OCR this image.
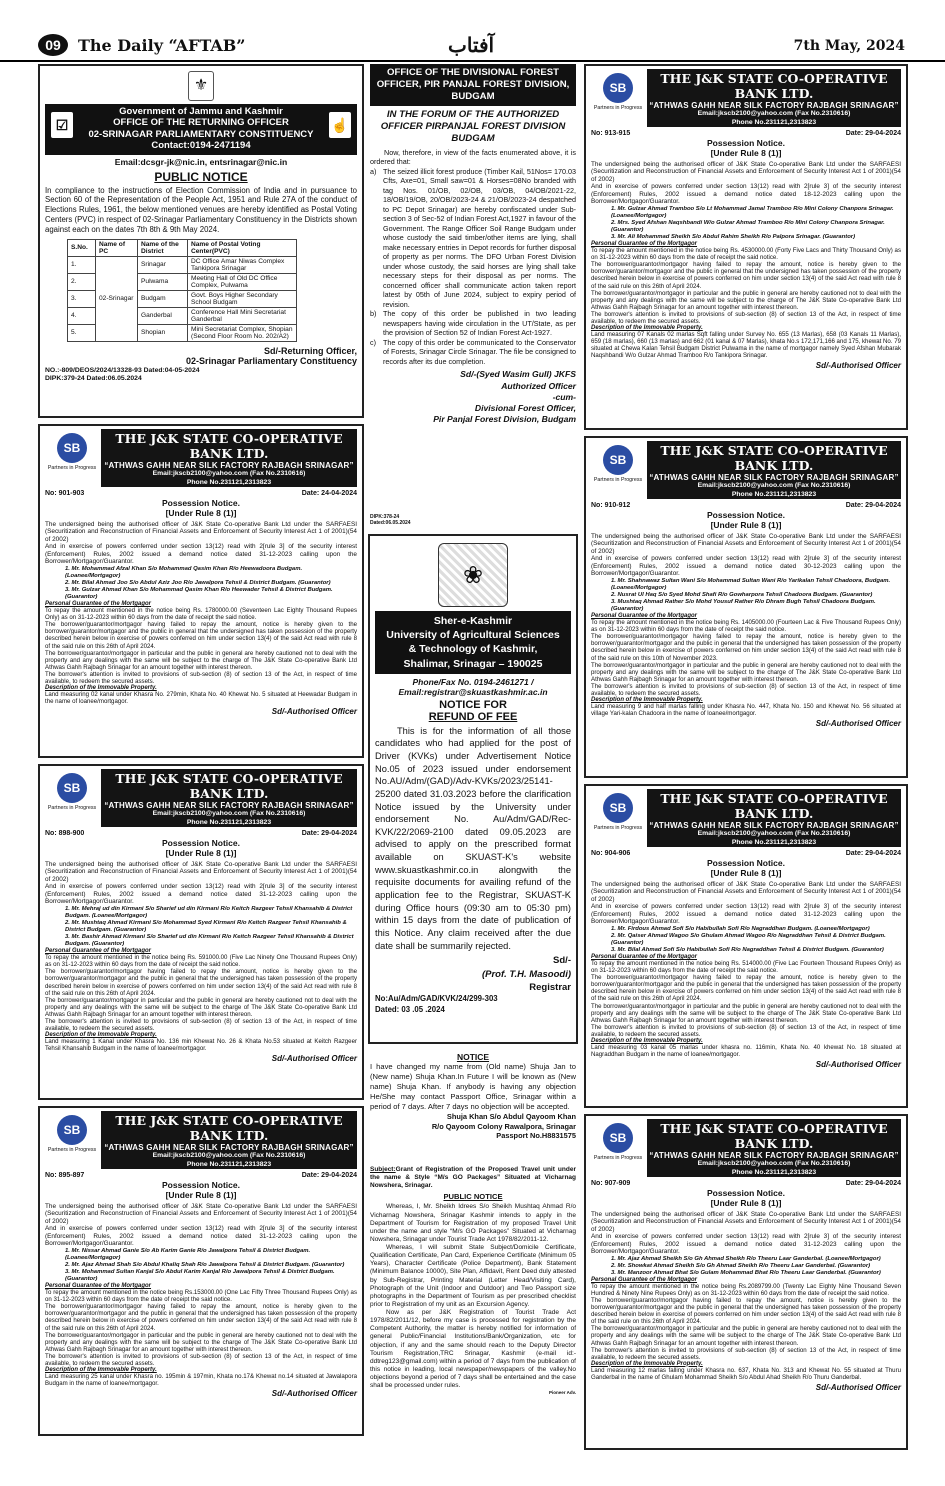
09	The Daily “AFTAB”	آفتاب	7th May, 2024
⚜
☑
Government of Jammu and Kashmir
OFFICE OF THE RETURNING OFFICER
02-SRINAGAR PARLIAMENTARY CONSTITUENCY
Contact:0194-2471194
☝
Email:dcsgr-jk@nic.in, entsrinagar@nic.in
PUBLIC NOTICE
In compliance to the instructions of Election Commission of India and in pursuance to Section 60 of the Representation of the People Act, 1951 and Rule 27A of the conduct of Elections Rules, 1961, the below mentioned venues are hereby identified as Postal Voting Centers (PVC) in respect of 02-Srinagar Parliamentary Constituency in the Districts shown against each on the dates 7th 8th & 9th May 2024.
S.No.	Name of PC	Name of the District	Name of Postal Voting Center(PVC)
1.	02-Srinagar	Srinagar	DC Office Amar Niwas Complex Tankipora Srinagar
2.		Pulwama	Meeting Hall of Old DC Office Complex, Pulwama
3.		Budgam	Govt. Boys Higher Secondary School Budgam
4.		Ganderbal	Conference Hall Mini Secretariat Ganderbal
5.		Shopian	Mini Secretariat Complex, Shopian (Second Floor Room No. 202/A2)
Sd/-Returning Officer,
02-Srinagar Parliamentary Constituency
NO.:-809/DEOS/2024/13328-93 Dated:04-05-2024
DIPK:379-24 Dated:06.05.2024
SB
Partners in Progress
THE J&K STATE CO-OPERATIVE BANK LTD.
“ATHWAS GAHH NEAR SILK FACTORY RAJBAGH SRINAGAR”
Email:jkscb2100@yahoo.com (Fax No.2310616)
Phone No.231121,2313823
No: 901-903	Date: 24-04-2024
Possession Notice.
[Under Rule 8 (1)]
The undersigned being the authorised officer of J&K State Co-operative Bank Ltd under the SARFAESI (Securitization and Reconstruction of Financial Assets and Enforcement of Security Interest Act 1 of 2001)(54 of 2002)
And in exercise of powers conferred under section 13(12) read with 2[rule 3] of the security interest (Enforcement) Rules, 2002 issued a demand notice dated 31-12-2023 calling upon the Borrower/Mortgagor/Guarantor.
1. Mr. Mohammad Afzal Khan S/o Mohammad Qasim Khan R/o Heewadoora Budgam. (Loanee/Mortgagor)
2. Mr. Bilal Ahmad Joo S/o Abdul Aziz Joo R/o Jawalpora Tehsil & District Budgam. (Guarantor)
3. Mr. Gulzar Ahmad Khan S/o Mohammad Qasim Khan R/o Heewader Tehsil & District Budgam. (Guarantor)
Personal Guarantee of the Mortgagor
To repay the amount mentioned in the notice being Rs. 1780000.00 (Seventeen Lac Eighty Thousand Rupees Only) as on 31-12-2023 within 60 days from the date of receipt the said notice.
The borrower/guarantor/mortgagor having failed to repay the amount, notice is hereby given to the borrower/guarantor/mortgagor and the public in general that the undersigned has taken possession of the property described herein below in exercise of powers conferred on him under section 13(4) of the said Act read with rule 8 of the said rule on this 26th of April 2024.
The borrower/guarantor/mortgagor in particular and the public in general are hereby cautioned not to deal with the property and any dealings with the same will be subject to the charge of The J&K State Co-operative Bank Ltd Athwas Gahh Rajbagh Srinagar for an amount together with interest thereon.
The borrower's attention is invited to provisions of sub-section (8) of section 13 of the Act, in respect of time available, to redeem the secured assets.
Description of the Immovable Property.
Land measuring 02 kanal under Khasra No. 279min, Khata No. 40 Khewat No. 5 situated at Heewadar Budgam in the name of loanee/mortgagor.
Sd/-Authorised Officer
SB
Partners in Progress
THE J&K STATE CO-OPERATIVE BANK LTD.
“ATHWAS GAHH NEAR SILK FACTORY RAJBAGH SRINAGAR”
Email:jkscb2100@yahoo.com (Fax No.2310616)
Phone No.231121,2313823
No: 898-900	Date: 29-04-2024
Possession Notice.
[Under Rule 8 (1)]
The undersigned being the authorised officer of J&K State Co-operative Bank Ltd under the SARFAESI (Securitization and Reconstruction of Financial Assets and Enforcement of Security Interest Act 1 of 2001)(54 of 2002)
And in exercise of powers conferred under section 13(12) read with 2[rule 3] of the security interest (Enforcement) Rules, 2002 issued a demand notice dated 31-12-2023 calling upon the Borrower/Mortgagor/Guarantor.
1. Mr. Mehraj ud din Kirmani S/o Sharief ud din Kirmani R/o Keitch Razgeer Tehsil Khansahib & District Budgam. (Loanee/Mortgagor)
2. Mr. Mushtaq Ahmad Kirmani S/o Mohammad Syed Kirmani R/o Keitch Razgeer Tehsil Khansahib & District Budgam. (Guarantor)
3. Mr. Bashir Ahmad Kirmani S/o Sharief ud din Kirmani R/o Keitch Razgeer Tehsil Khansahib & District Budgam. (Guarantor)
Personal Guarantee of the Mortgagor
To repay the amount mentioned in the notice being Rs. 591000.00 (Five Lac Ninety One Thousand Rupees Only) as on 31-12-2023 within 60 days from the date of receipt the said notice.
The borrower/guarantor/mortgagor having failed to repay the amount, notice is hereby given to the borrower/guarantor/mortgagor and the public in general that the undersigned has taken possession of the property described herein below in exercise of powers conferred on him under section 13(4) of the said Act read with rule 8 of the said rule on this 26th of April 2024.
The borrower/guarantor/mortgagor in particular and the public in general are hereby cautioned not to deal with the property and any dealings with the same will be subject to the charge of The J&K State Co-operative Bank Ltd Athwas Gahh Rajbagh Srinagar for an amount together with interest thereon.
The borrower's attention is invited to provisions of sub-section (8) of section 13 of the Act, in respect of time available, to redeem the secured assets.
Description of the Immovable Property.
Land measuring 1 Kanal under Khasra No. 136 min Khewat No. 26 & Khata No.53 situated at Keitch Razgeer Tehsil Khansahib Budgam in the name of loanee/mortgagor.
Sd/-Authorised Officer
SB
Partners in Progress
THE J&K STATE CO-OPERATIVE BANK LTD.
“ATHWAS GAHH NEAR SILK FACTORY RAJBAGH SRINAGAR”
Email:jkscb2100@yahoo.com (Fax No.2310616)
Phone No.231121,2313823
No: 895-897	Date: 29-04-2024
Possession Notice.
[Under Rule 8 (1)]
The undersigned being the authorised officer of J&K State Co-operative Bank Ltd under the SARFAESI (Securitization and Reconstruction of Financial Assets and Enforcement of Security Interest Act 1 of 2001)(54 of 2002)
And in exercise of powers conferred under section 13(12) read with 2[rule 3] of the security interest (Enforcement) Rules, 2002 issued a demand notice dated 31-12-2023 calling upon the Borrower/Mortgagor/Guarantor.
1. Mr. Nissar Ahmad Ganie S/o Ab Karim Ganie R/o Jawalpora Tehsil & District Budgam. (Loanee/Mortgagor)
2. Mr. Ajaz Ahmad Shah S/o Abdul Khaliq Shah R/o Jawalpora Tehsil & District Budgam. (Guarantor)
3. Mr. Mohammad Sultan Kanjal S/o Abdul Karim Kanjal R/o Jawalpora Tehsil & District Budgam. (Guarantor)
Personal Guarantee of the Mortgagor
To repay the amount mentioned in the notice being Rs.153000.00 (One Lac Fifty Three Thousand Rupees Only) as on 31-12-2023 within 60 days from the date of receipt the said notice.
The borrower/guarantor/mortgagor having failed to repay the amount, notice is hereby given to the borrower/guarantor/mortgagor and the public in general that the undersigned has taken possession of the property described herein below in exercise of powers conferred on him under section 13(4) of the said Act read with rule 8 of the said rule on this 26th of April 2024.
The borrower/guarantor/mortgagor in particular and the public in general are hereby cautioned not to deal with the property and any dealings with the same will be subject to the charge of The J&K State Co-operative Bank Ltd Athwas Gahh Rajbagh Srinagar for an amount together with interest thereon.
The borrower's attention is invited to provisions of sub-section (8) of section 13 of the Act, in respect of time available, to redeem the secured assets.
Description of the Immovable Property.
Land measuring 25 kanal under Khasra no. 195min & 197min, Khata no.17& Khewat no.14 situated at Jawalapora Budgam in the name of loanee/mortgagor.
Sd/-Authorised Officer
OFFICE OF THE DIVISIONAL FOREST OFFICER, PIR PANJAL FOREST DIVISION, BUDGAM
IN THE FORUM OF THE AUTHORIZED OFFICER PIRPANJAL FOREST DIVISION BUDGAM

Now, therefore, in view of the facts enumerated above, it is ordered that:

a) The seized illicit forest produce (Timber Kail, 51Nos= 170.03 Cfts, Axe=01, Small saw=01 & Horses=08No branded with tag Nos. 01/OB, 02/OB, 03/OB, 04/OB/2021-22, 18/OB/19/OB, 20/OB/2023-24 & 21/OB/2023-24 despatched to PC Depot Srinagar) are hereby confiscated under Sub-section 3 of Sec-52 of Indian Forest Act,1927 in favour of the Government. The Range Officer Soil Range Budgam under whose custody the said timber/other items are lying, shall make necessary entries in Depot records for further disposal of property as per norms. The DFO Urban Forest Division under whose custody, the said horses are lying shall take necessary steps for their disposal as per norms. The concerned officer shall communicate action taken report latest by 05th of June 2024, subject to expiry period of revision.
b) The copy of this order be published in two leading newspapers having wide circulation in the UT/State, as per the provision of Section 52 of Indian Forest Act-1927.
c) The copy of this order be communicated to the Conservator of Forests, Srinagar Circle Srinagar. The file be consigned to records after its due completion.
Sd/-(Syed Wasim Gull) JKFS
Authorized Officer
-cum-
Divisional Forest Officer,
Pir Panjal Forest Division, Budgam
DIPK:378-24 Dated:06.05.2024
❀
Sher-e-Kashmir
University of Agricultural Sciences
& Technology of Kashmir,
Shalimar, Srinagar – 190025
Phone/Fax No. 0194-2461271 /
Email:registrar@skuastkashmir.ac.in
NOTICE FOR
REFUND OF FEE
This is for the information of all those candidates who had applied for the post of Driver (KVKs) under Advertisement Notice No.05 of 2023 issued under endorsement No.AU/Adm/(GAD)/Adv-KVKs/2023/25141-25200 dated 31.03.2023 before the clarification Notice issued by the University under endorsement No. Au/Adm/GAD/Rec-KVK/22/2069-2100 dated 09.05.2023 are advised to apply on the prescribed format available on SKUAST-K's website www.skuastkashmir.co.in alongwith the requisite documents for availing refund of the application fee to the Registrar, SKUAST-K during Office hours (09:30 am to 05:30 pm) within 15 days from the date of publication of this Notice. Any claim received after the due date shall be summarily rejected.
Sd/-
(Prof. T.H. Masoodi)
Registrar
No:Au/Adm/GAD/KVK/24/299-303
Dated: 03 .05 .2024
NOTICE
I have changed my name from (Old name) Shuja Jan to (New name) Shuja Khan.In Future I will be known as (New name) Shuja Khan. If anybody is having any objection He/She may contact Passport Office, Srinagar within a period of 7 days. After 7 days no objection will be accepted.
Shuja Khan S/o Abdul Qayoom Khan
R/o Qayoom Colony Rawalpora, Srinagar
Passport No.H8831575
Subject:Grant of Registration of the Proposed Travel unit under the name & Style “M/s GO Packages” Situated at Vicharnag Nowshera, Srinagar.
PUBLIC NOTICE
Whereas, I, Mr. Sheikh Idrees S/o Sheikh Mushtaq Ahmad R/o Vicharnag Nowshera, Srinagar Kashmir intends to apply in the Department of Tourism for Registration of my proposed Travel Unit under the name and style “M/s GO Packages” Situated at Vicharnag Nowshera, Srinagar under Tourist Trade Act 1978/82/2011-12.
Whereas, I will submit State Subject/Domicile Certificate, Qualification Certificate, Pan Card, Experience Certificate (Minimum 05 Years), Character Certificate (Police Department), Bank Statement (Minimum Balance 10000), Site Plan, Affidavit, Rent Deed duly attested by Sub-Registrar, Printing Material (Letter Head/Visiting Card), Photograph of the Unit (Indoor and Outdoor) and Two Passport size photographs in the Department of Tourism as per prescribed checklist prior to Registration of my unit as an Excursion Agency.
Now as per J&K Registration of Tourist Trade Act 1978/82/2011/12, before my case is processed for registration by the Competent Authority, the matter is hereby notified for information of general Public/Financial Institutions/Bank/Organization, etc for objection, if any and the same should reach to the Deputy Director Tourism Registration,TRC Srinagar, Kashmir (e-mail id:-ddtreg123@gmail.com) within a period of 7 days from the publication of this notice in leading, local newspaper/newspapers of the valley.No objections beyond a period of 7 days shall be entertained and the case shall be processed under rules.
Pioneer Adv.
SB
Partners in Progress
THE J&K STATE CO-OPERATIVE BANK LTD.
“ATHWAS GAHH NEAR SILK FACTORY RAJBAGH SRINAGAR”
Email:jkscb2100@yahoo.com (Fax No.2310616)
Phone No.231121,2313823
No: 913-915	Date: 29-04-2024
Possession Notice.
[Under Rule 8 (1)]
The undersigned being the authorised officer of J&K State Co-operative Bank Ltd under the SARFAESI (Securitization and Reconstruction of Financial Assets and Enforcement of Security Interest Act 1 of 2001)(54 of 2002)
And in exercise of powers conferred under section 13(12) read with 2[rule 3] of the security interest (Enforcement) Rules, 2002 issued a demand notice dated 18-12-2023 calling upon the Borrower/Mortgagor/Guarantor.
1. Mr. Gulzar Ahmad Tramboo S/o Lt Mohammad Jamal Tramboo R/o Mini Colony Chanpora Srinagar. (Loanee/Mortgagor)
2. Mrs. Syed Afshan Naqshbandi W/o Gulzar Ahmad Tramboo R/o Mini Colony Chanpora Srinagar. (Guarantor)
3. Mr. Ali Mohammad Sheikh S/o Abdul Rahim Sheikh R/o Palpora Srinagar. (Guarantor)
Personal Guarantee of the Mortgagor
To repay the amount mentioned in the notice being Rs. 4530000.00 (Forty Five Lacs and Thirty Thousand Only) as on 31-12-2023 within 60 days from the date of receipt the said notice.
The borrower/guarantor/mortgagor having failed to repay the amount, notice is hereby given to the borrower/guarantor/mortgagor and the public in general that the undersigned has taken possession of the property described herein below in exercise of powers conferred on him under section 13(4) of the said Act read with rule 8 of the said rule on this 26th of April 2024.
The borrower/guarantor/mortgagor in particular and the public in general are hereby cautioned not to deal with the property and any dealings with the same will be subject to the charge of The J&K State Co-operative Bank Ltd Athwas Gahh Rajbagh Srinagar for an amount together with interest thereon.
The borrower's attention is invited to provisions of sub-section (8) of section 13 of the Act, in respect of time available, to redeem the secured assets.
Description of the Immovable Property.
Land measuring 07 Kanals 02 marlas Sqft falling under Survey No. 655 (13 Marlas), 658 (03 Kanals 11 Marlas), 659 (18 marlas), 660 (13 marlas) and 662 (01 kanal & 07 Marlas), khata No.s 172,171,166 and 175, khewat No. 79 situated at Chewa Kalan Tehsil Budgam District Pulwama in the name of mortgagor namely Syed Afshan Mubarak Naqshbandi W/o Gulzar Ahmad Tramboo R/o Tankipora Srinagar.
Sd/-Authorised Officer
SB
Partners in Progress
THE J&K STATE CO-OPERATIVE BANK LTD.
“ATHWAS GAHH NEAR SILK FACTORY RAJBAGH SRINAGAR”
Email:jkscb2100@yahoo.com (Fax No.2310616)
Phone No.231121,2313823
No: 910-912	Date: 29-04-2024
Possession Notice.
[Under Rule 8 (1)]
The undersigned being the authorised officer of J&K State Co-operative Bank Ltd under the SARFAESI (Securitization and Reconstruction of Financial Assets and Enforcement of Security Interest Act 1 of 2001)(54 of 2002)
And in exercise of powers conferred under section 13(12) read with 2[rule 3] of the security interest (Enforcement) Rules, 2002 issued a demand notice dated 30-12-2023 calling upon the Borrower/Mortgagor/Guarantor.
1. Mr. Shahnawaz Sultan Wani S/o Mohammad Sultan Wani R/o Yarikalan Tehsil Chadoora, Budgam. (Loanee/Mortgagor)
2. Nusrat Ul Haq S/o Syed Mohd Shafi R/o Gowharpora Tehsil Chadoora Budgam. (Guarantor)
3. Mushtaq Ahmad Rather S/o Mohd Yousuf Rather R/o Dhram Bugh Tehsil Chadoora Budgam. (Guarantor)
Personal Guarantee of the Mortgagor
To repay the amount mentioned in the notice being Rs. 1405000.00 (Fourteen Lac & Five Thousand Rupees Only) as on 31-12-2023 within 60 days from the date of receipt the said notice.
The borrower/guarantor/mortgagor having failed to repay the amount, notice is hereby given to the borrower/guarantor/mortgagor and the public in general that the undersigned has taken possession of the property described herein below in exercise of powers conferred on him under section 13(4) of the said Act read with rule 8 of the said rule on this 10th of November 2023.
The borrower/guarantor/mortgagor in particular and the public in general are hereby cautioned not to deal with the property and any dealings with the same will be subject to the charge of The J&K State Co-operative Bank Ltd Athwas Gahh Rajbagh Srinagar for an amount together with interest thereon.
The borrower's attention is invited to provisions of sub-section (8) of section 13 of the Act, in respect of time available, to redeem the secured assets.
Description of the Immovable Property.
Land measuring 9 and half marlas falling under Khasra No. 447, Khata No. 150 and Khewat No. 56 situated at village Yari-kalan Chadoora in the name of loanee/mortgagor.
Sd/-Authorised Officer
SB
Partners in Progress
THE J&K STATE CO-OPERATIVE BANK LTD.
“ATHWAS GAHH NEAR SILK FACTORY RAJBAGH SRINAGAR”
Email:jkscb2100@yahoo.com (Fax No.2310616)
Phone No.231121,2313823
No: 904-906	Date: 29-04-2024
Possession Notice.
[Under Rule 8 (1)]
The undersigned being the authorised officer of J&K State Co-operative Bank Ltd under the SARFAESI (Securitization and Reconstruction of Financial Assets and Enforcement of Security Interest Act 1 of 2001)(54 of 2002)
And in exercise of powers conferred under section 13(12) read with 2[rule 3] of the security interest (Enforcement) Rules, 2002 issued a demand notice dated 31-12-2023 calling upon the Borrower/Mortgagor/Guarantor.
1. Mr. Firdous Ahmad Sofi S/o Habibullah Sofi R/o Nagraddhan Budgam. (Loanee/Mortgagor)
2. Mr. Qaiser Ahmad Wagoo S/o Ghulam Ahmad Wagoo R/o Nagraddhan Tehsil & District Budgam. (Guarantor)
3. Mr. Bilal Ahmad Sofi S/o Habibullah Sofi R/o Nagraddhan Tehsil & District Budgam. (Guarantor)
Personal Guarantee of the Mortgagor
To repay the amount mentioned in the notice being Rs. 514000.00 (Five Lac Fourteen Thousand Rupees Only) as on 31-12-2023 within 60 days from the date of receipt the said notice.
The borrower/guarantor/mortgagor having failed to repay the amount, notice is hereby given to the borrower/guarantor/mortgagor and the public in general that the undersigned has taken possession of the property described herein below in exercise of powers conferred on him under section 13(4) of the said Act read with rule 8 of the said rule on this 26th of April 2024.
The borrower/guarantor/mortgagor in particular and the public in general are hereby cautioned not to deal with the property and any dealings with the same will be subject to the charge of The J&K State Co-operative Bank Ltd Athwas Gahh Rajbagh Srinagar for an amount together with interest thereon.
The borrower's attention is invited to provisions of sub-section (8) of section 13 of the Act, in respect of time available, to redeem the secured assets.
Description of the Immovable Property.
Land measuring 03 kanal 05 marlas under khasra no. 116min, Khata No. 40 khewat No. 18 situated at Nagraddhan Budgam in the name of loanee/mortgagor.
Sd/-Authorised Officer
SB
Partners in Progress
THE J&K STATE CO-OPERATIVE BANK LTD.
“ATHWAS GAHH NEAR SILK FACTORY RAJBAGH SRINAGAR”
Email:jkscb2100@yahoo.com (Fax No.2310616)
Phone No.231121,2313823
No: 907-909	Date: 29-04-2024
Possession Notice.
[Under Rule 8 (1)]
The undersigned being the authorised officer of J&K State Co-operative Bank Ltd under the SARFAESI (Securitization and Reconstruction of Financial Assets and Enforcement of Security Interest Act 1 of 2001)(54 of 2002)
And in exercise of powers conferred under section 13(12) read with 2[rule 3] of the security interest (Enforcement) Rules, 2002 issued a demand notice dated 31-12-2023 calling upon the Borrower/Mortgagor/Guarantor.
1. Mr. Ajaz Ahmad Sheikh S/o Gh Ahmad Sheikh R/o Theeru Laar Ganderbal. (Loanee/Mortgagor)
2. Mr. Showkat Ahmad Sheikh S/o Gh Ahmad Sheikh R/o Theeru Laar Ganderbal. (Guarantor)
3. Mr. Manzoor Ahmad Bhat S/o Gulam Mohammad Bhat R/o Theeru Laar Ganderbal. (Guarantor)
Personal Guarantee of the Mortgagor
To repay the amount mentioned in the notice being Rs.2089799.00 (Twenty Lac Eighty Nine Thousand Seven Hundred & Ninety Nine Rupees Only) as on 31-12-2023 within 60 days from the date of receipt the said notice.
The borrower/guarantor/mortgagor having failed to repay the amount, notice is hereby given to the borrower/guarantor/mortgagor and the public in general that the undersigned has taken possession of the property described herein below in exercise of powers conferred on him under section 13(4) of the said Act read with rule 8 of the said rule on this 26th of April 2024.
The borrower/guarantor/mortgagor in particular and the public in general are hereby cautioned not to deal with the property and any dealings with the same will be subject to the charge of The J&K State Co-operative Bank Ltd Athwas Gahh Rajbagh Srinagar for an amount together with interest thereon.
The borrower's attention is invited to provisions of sub-section (8) of section 13 of the Act, in respect of time available, to redeem the secured assets.
Description of the Immovable Property.
Land measuring 12 marlas falling under Khasra no. 637, Khata No. 313 and Khewat No. 55 situated at Thuru Ganderbal in the name of Ghulam Mohammad Sheikh S/o Abdul Ahad Sheikh R/o Thuru Ganderbal.
Sd/-Authorised Officer
